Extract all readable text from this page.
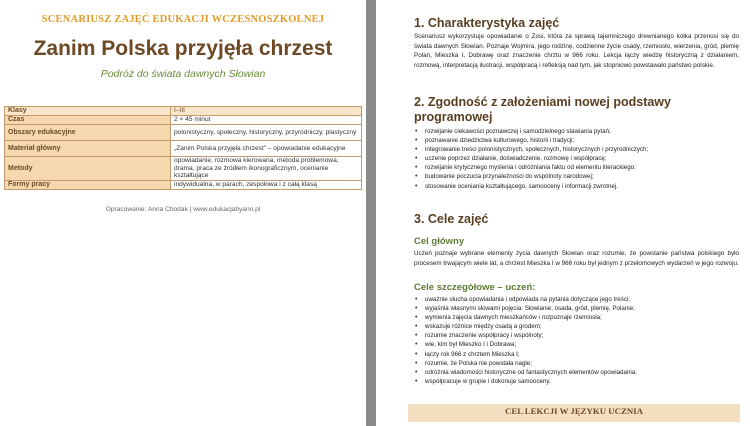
SCENARIUSZ ZAJĘĆ EDUKACJI WCZESNOSZKOLNEJ
Zanim Polska przyjęła chrzest
Podróż do świata dawnych Słowian
Klasy	I–III
Czas	2 × 45 minut
Obszary edukacyjne	polonistyczny, społeczny, historyczny, przyrodniczy, plastyczny
Materiał główny	„Zanim Polska przyjęła chrzest” – opowiadanie edukacyjne
Metody	opowiadanie, rozmowa kierowana, metoda problemowa, drama, praca ze źródłem ikonograficznym, ocenianie kształtujące
Formy pracy	indywidualna, w parach, zespołowa i z całą klasą
Opracowanie: Anna Chodak | www.edukacjabyann.pl
1. Charakterystyka zajęć
Scenariusz wykorzystuje opowiadanie o Zosi, która za sprawą tajemniczego drewnianego kółka przenosi się do świata dawnych Słowian. Poznaje Wojmira, jego rodzinę, codzienne życie osady, rzemiosło, wierzenia, gród, plemię Polan, Mieszka I, Dobrawę oraz znaczenie chrztu w 966 roku. Lekcja łączy wiedzę historyczną z działaniem, rozmową, interpretacją ilustracji, współpracą i refleksją nad tym, jak stopniowo powstawało państwo polskie.
2. Zgodność z założeniami nowej podstawy
programowej
• rozwijanie ciekawości poznawczej i samodzielnego stawiania pytań;
• poznawanie dziedzictwa kulturowego, historii i tradycji;
• integrowanie treści polonistycznych, społecznych, historycznych i przyrodniczych;
• uczenie poprzez działanie, doświadczenie, rozmowę i współpracę;
• rozwijanie krytycznego myślenia i odróżniania faktu od elementu literackiego;
• budowanie poczucia przynależności do wspólnoty narodowej;
• stosowanie oceniania kształtującego, samooceny i informacji zwrotnej.
3. Cele zajęć
Cel główny
Uczeń poznaje wybrane elementy życia dawnych Słowian oraz rozumie, że powstanie państwa polskiego było procesem trwającym wiele lat, a chrzest Mieszka I w 966 roku był jednym z przełomowych wydarzeń w jego rozwoju.
Cele szczegółowe – uczeń:
• uważnie słucha opowiadania i odpowiada na pytania dotyczące jego treści;
• wyjaśnia własnymi słowami pojęcia: Słowianie, osada, gród, plemię, Polanie;
• wymienia zajęcia dawnych mieszkańców i rozpoznaje rzemiosła;
• wskazuje różnice między osadą a grodem;
• rozumie znaczenie współpracy i wspólnoty;
• wie, kim był Mieszko I i Dobrawa;
• łączy rok 966 z chrztem Mieszka I;
• rozumie, że Polska nie powstała nagle;
• odróżnia wiadomości historyczne od fantastycznych elementów opowiadania;
• współpracuje w grupie i dokonuje samooceny.
CEL LEKCJI W JĘZYKU UCZNIA
